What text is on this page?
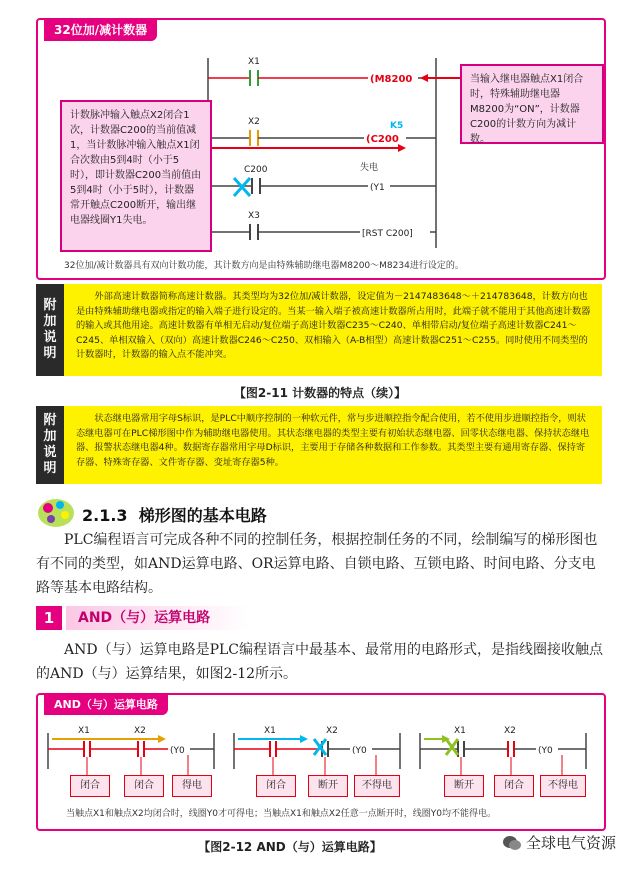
32位加/减计数器
X1
X2
C200
X3
(M8200
(C200
K5
(Y1
失电
[RST C200]
计数脉冲输入触点X2闭合1次，计数器C200的当前值减1，当计数脉冲输入触点X1闭合次数由5到4时（小于5时），即计数器C200当前值由5到4时（小于5时），计数器常开触点C200断开，输出继电器线圈Y1失电。
当输入继电器触点X1闭合时，特殊辅助继电器M8200为“ON”，计数器C200的计数方向为减计数。
32位加/减计数器具有双向计数功能，其计数方向是由特殊辅助继电器M8200～M8234进行设定的。
附
加
说
明
外部高速计数器简称高速计数器。其类型均为32位加/减计数器，设定值为－2147483648～＋214783648，计数方向也是由特殊辅助继电器或指定的输入端子进行设定的。当某一输入端子被高速计数器所占用时，此端子就不能用于其他高速计数器的输入或其他用途。高速计数器有单相无启动/复位端子高速计数器C235～C240、单相带启动/复位端子高速计数器C241～C245、单相双输入（双向）高速计数器C246～C250、双相输入（A-B相型）高速计数器C251～C255。同时使用不同类型的计数器时，计数器的输入点不能冲突。
【图2-11 计数器的特点（续）】
附
加
说
明
状态继电器常用字母S标识，是PLC中顺序控制的一种软元件，常与步进顺控指令配合使用，若不使用步进顺控指令，则状态继电器可在PLC梯形图中作为辅助继电器使用。其状态继电器的类型主要有初始状态继电器、回零状态继电器、保持状态继电器、报警状态继电器4种。数据寄存器常用字母D标识，主要用于存储各种数据和工作参数。其类型主要有通用寄存器、保持寄存器、特殊寄存器、文件寄存器、变址寄存器5种。
2.1.3 梯形图的基本电路
PLC编程语言可完成各种不同的控制任务，根据控制任务的不同，绘制编写的梯形图也有不同的类型，如AND运算电路、OR运算电路、自锁电路、互锁电路、时间电路、分支电路等基本电路结构。
1	AND（与）运算电路
AND（与）运算电路是PLC编程语言中最基本、最常用的电路形式，是指线圈接收触点的AND（与）运算结果，如图2-12所示。
AND（与）运算电路
X1	X2
(Y0
X1	X2
(Y0
X1	X2
(Y0
闭合	闭合	得电	闭合	断开	不得电	断开	闭合	不得电
当触点X1和触点X2均闭合时，线圈Y0才可得电；当触点X1和触点X2任意一点断开时，线圈Y0均不能得电。
【图2-12 AND（与）运算电路】	全球电气资源
